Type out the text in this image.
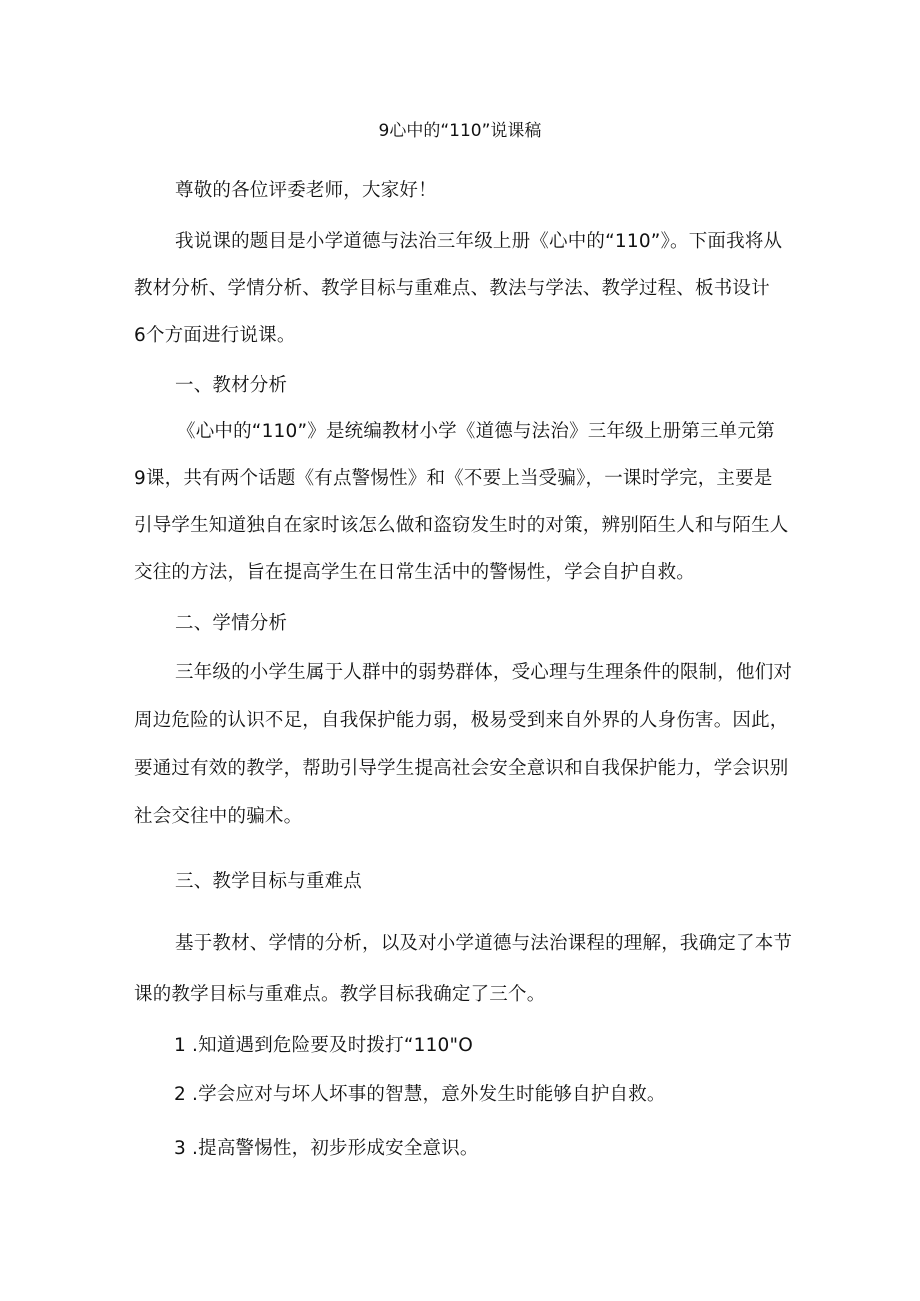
9心中的“110”说课稿
尊敬的各位评委老师，大家好！
我说课的题目是小学道德与法治三年级上册《心中的“110”》。下面我将从
教材分析、学情分析、教学目标与重难点、教法与学法、教学过程、板书设计
6个方面进行说课。
一、教材分析
《心中的“110”》是统编教材小学《道德与法治》三年级上册第三单元第
9课，共有两个话题《有点警惕性》和《不要上当受骗》，一课时学完，主要是
引导学生知道独自在家时该怎么做和盗窃发生时的对策，辨别陌生人和与陌生人
交往的方法，旨在提高学生在日常生活中的警惕性，学会自护自救。
二、学情分析
三年级的小学生属于人群中的弱势群体，受心理与生理条件的限制，他们对
周边危险的认识不足，自我保护能力弱，极易受到来自外界的人身伤害。因此，
要通过有效的教学，帮助引导学生提高社会安全意识和自我保护能力，学会识别
社会交往中的骗术。
三、教学目标与重难点
基于教材、学情的分析，以及对小学道德与法治课程的理解，我确定了本节
课的教学目标与重难点。教学目标我确定了三个。
1 .知道遇到危险要及时拨打“110"O
2 .学会应对与坏人坏事的智慧，意外发生时能够自护自救。
3 .提高警惕性，初步形成安全意识。
